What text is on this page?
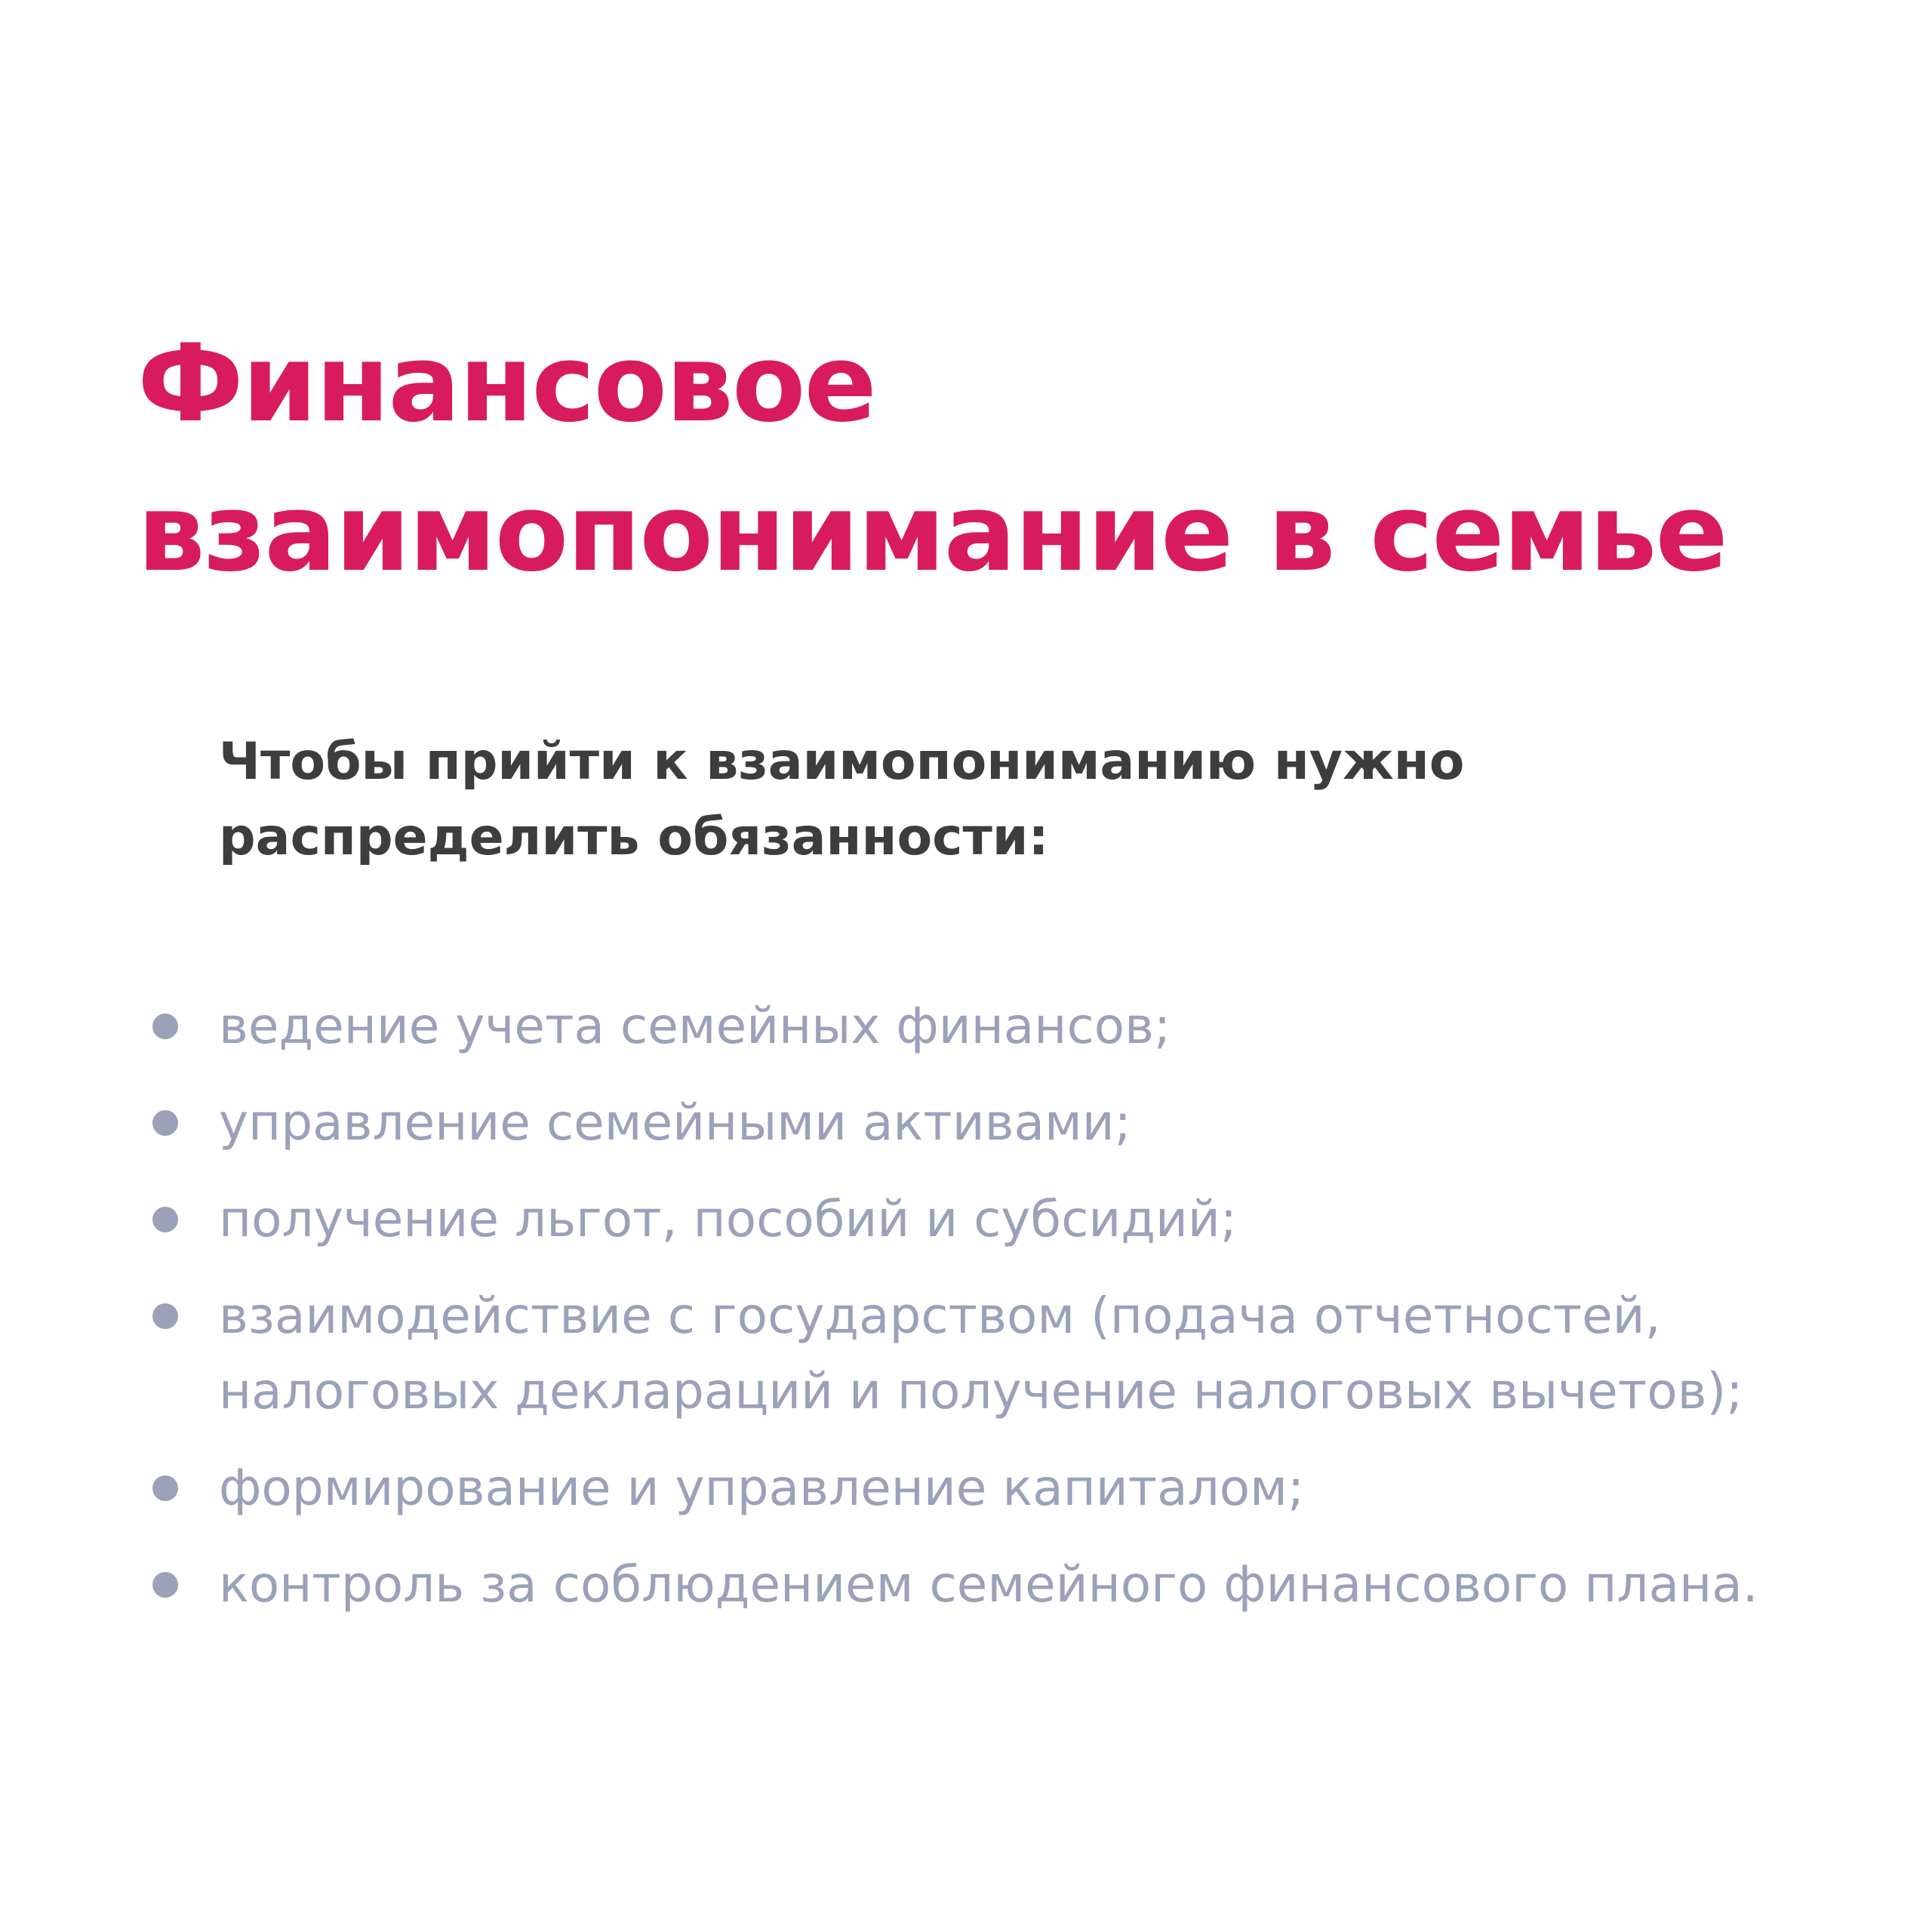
Финансовое
взаимопонимание в семье

Чтобы прийти к взаимопониманию нужно
распределить обязанности:

ведение учета семейных финансов;
управление семейными активами;
получение льгот, пособий и субсидий;
взаимодействие с государством (подача отчетностей,
налоговых деклараций и получение налоговых вычетов);
формирование и управление капиталом;
контроль за соблюдением семейного финансового плана.
